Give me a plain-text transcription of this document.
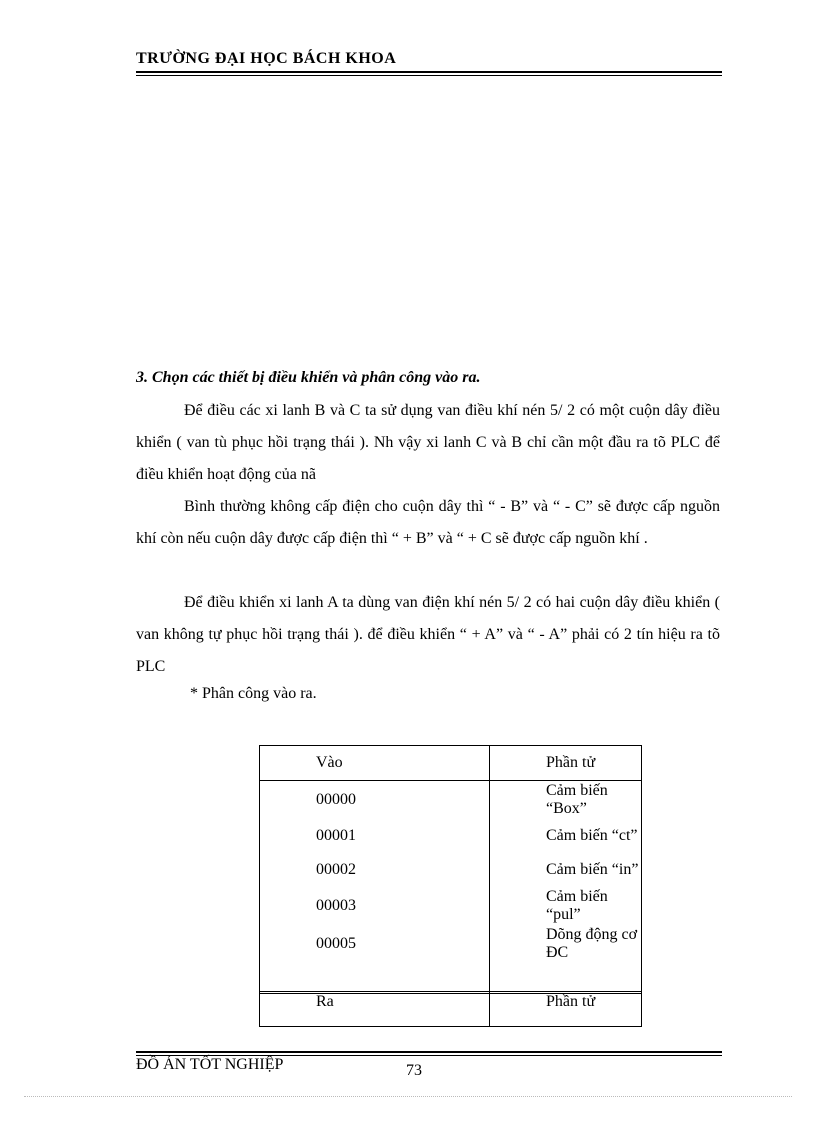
TRƯỜNG ĐẠI HỌC BÁCH KHOA
3. Chọn các thiết bị điều khiển và phân công vào ra.

Để điều các xi lanh B và C ta sử dụng van điều khí nén 5/ 2 có một cuộn dây điều khiển ( van tù phục hồi trạng thái ). Nh vậy xi lanh C và B chỉ cần một đầu ra tõ PLC để điều khiển hoạt động của nã

Bình thường không cấp điện cho cuộn dây thì “ - B” và “ - C” sẽ được cấp nguồn khí còn nếu cuộn dây được cấp điện thì “ + B” và “ + C sẽ được cấp nguồn khí .

Để điều khiển xi lanh A ta dùng van điện khí nén 5/ 2 có hai cuộn dây điều khiển ( van không tự phục hồi trạng thái ). để điều khiển “ + A” và “ - A” phải có 2 tín hiệu ra tõ PLC

* Phân công vào ra.
Vào	Phần tử
00000	Cảm biến “Box”
00001	Cảm biến “ct”
00002	Cảm biến “in”
00003	Cảm biến “pul”
00005	Dõng động cơ ĐC

Ra	Phần tử
ĐỒ ÁN TỐT NGHIỆP	73
